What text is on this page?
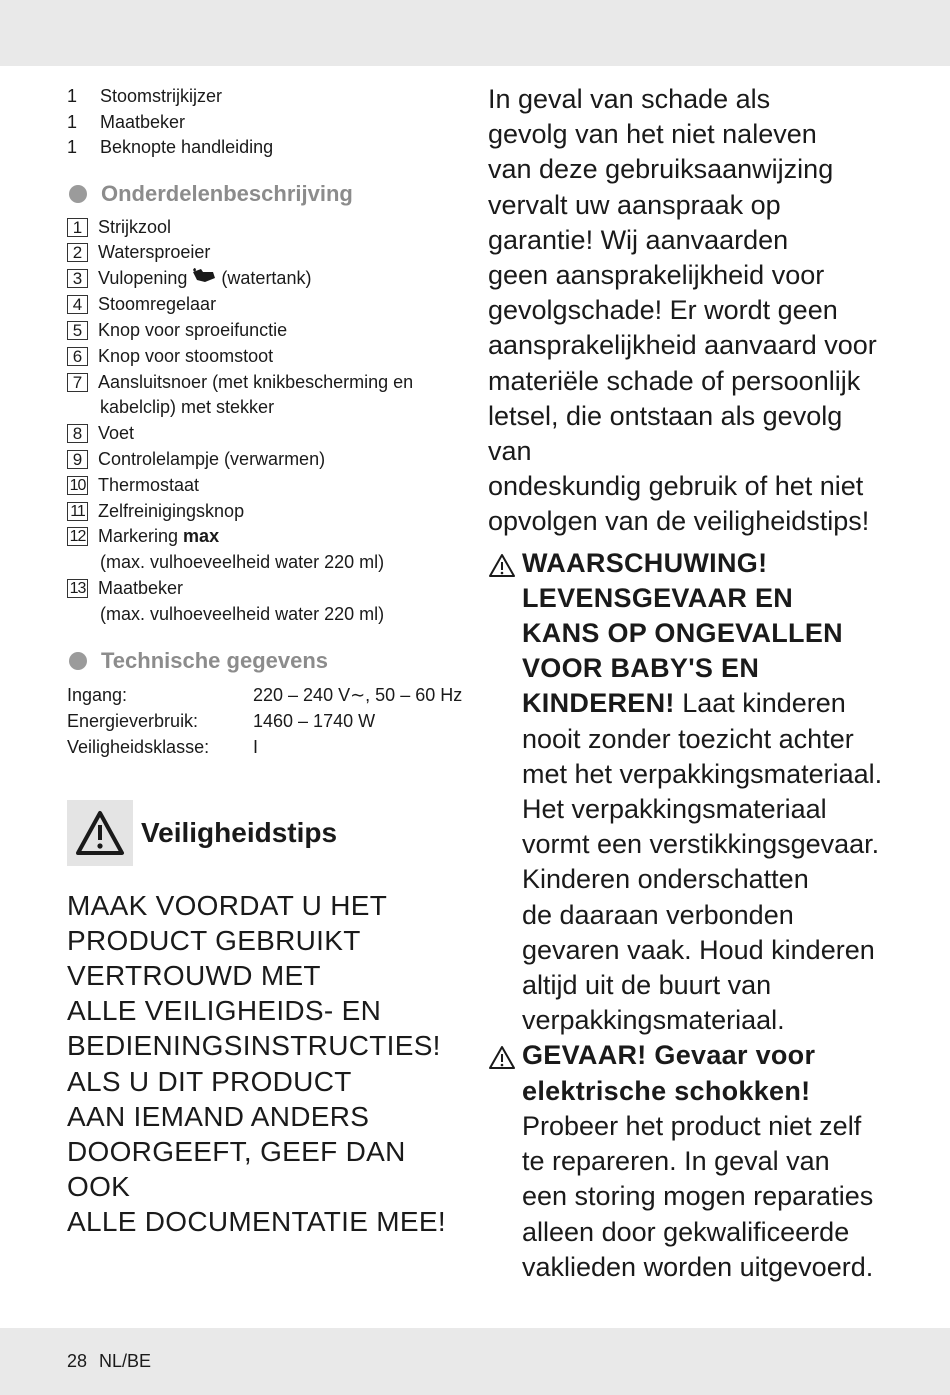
1	Stoomstrijkijzer
1	Maatbeker
1	Beknopte handleiding
Onderdelenbeschrijving
1 Strijkzool
2 Watersproeier
3 Vulopening (watertank)
4 Stoomregelaar
5 Knop voor sproeifunctie
6 Knop voor stoomstoot
7 Aansluitsnoer (met knikbescherming en
kabelclip) met stekker
8 Voet
9 Controlelampje (verwarmen)
10 Thermostaat
11 Zelfreinigingsknop
12 Markering max
(max. vulhoeveelheid water 220 ml)
13 Maatbeker
(max. vulhoeveelheid water 220 ml)
Technische gegevens
Ingang:	220 – 240 V∼, 50 – 60 Hz
Energieverbruik:	1460 – 1740 W
Veiligheidsklasse:	I
Veiligheidstips
MAAK VOORDAT U HET
PRODUCT GEBRUIKT
VERTROUWD MET
ALLE VEILIGHEIDS- EN
BEDIENINGSINSTRUCTIES!
ALS U DIT PRODUCT
AAN IEMAND ANDERS
DOORGEEFT, GEEF DAN OOK
ALLE DOCUMENTATIE MEE!
In geval van schade als
gevolg van het niet naleven
van deze gebruiksaanwijzing
vervalt uw aanspraak op
garantie! Wij aanvaarden
geen aansprakelijkheid voor
gevolgschade! Er wordt geen
aansprakelijkheid aanvaard voor
materiële schade of persoonlijk
letsel, die ontstaan als gevolg van
ondeskundig gebruik of het niet
opvolgen van de veiligheidstips!
WAARSCHUWING!
LEVENSGEVAAR EN
KANS OP ONGEVALLEN
VOOR BABY'S EN
KINDEREN! Laat kinderen
nooit zonder toezicht achter
met het verpakkingsmateriaal.
Het verpakkingsmateriaal
vormt een verstikkingsgevaar.
Kinderen onderschatten
de daaraan verbonden
gevaren vaak. Houd kinderen
altijd uit de buurt van
verpakkingsmateriaal.
GEVAAR! Gevaar voor
elektrische schokken!
Probeer het product niet zelf
te repareren. In geval van
een storing mogen reparaties
alleen door gekwalificeerde
vaklieden worden uitgevoerd.
28 NL/BE
